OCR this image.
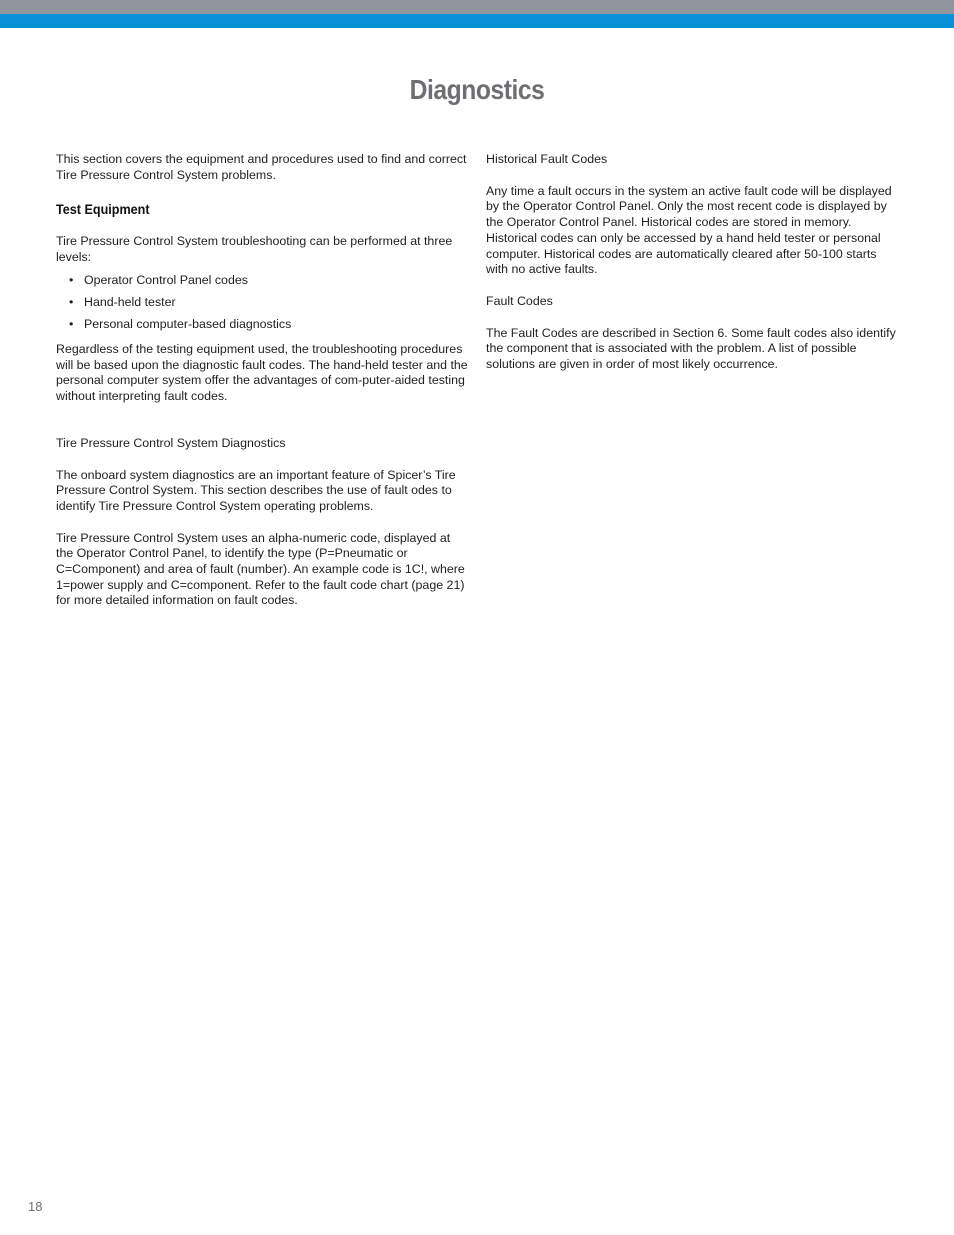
Diagnostics

This section covers the equipment and procedures used to find and correct Tire Pressure Control System problems.

Test Equipment

Tire Pressure Control System troubleshooting can be performed at three levels:

• Operator Control Panel codes
• Hand-held tester
• Personal computer-based diagnostics

Regardless of the testing equipment used, the troubleshooting procedures will be based upon the diagnostic fault codes. The hand-held tester and the personal computer system offer the advantages of com-puter-aided testing without interpreting fault codes.

Tire Pressure Control System Diagnostics

The onboard system diagnostics are an important feature of Spicer’s Tire Pressure Control System. This section describes the use of fault odes to identify Tire Pressure Control System operating problems.

Tire Pressure Control System uses an alpha-numeric code, displayed at the Operator Control Panel, to identify the type (P=Pneumatic or C=Component) and area of fault (number). An example code is 1C!, where 1=power supply and C=component. Refer to the fault code chart (page 21) for more detailed information on fault codes.

Historical Fault Codes

Any time a fault occurs in the system an active fault code will be displayed by the Operator Control Panel. Only the most recent code is displayed by the Operator Control Panel. Historical codes are stored in memory. Historical codes can only be accessed by a hand held tester or personal computer. Historical codes are automatically cleared after 50-100 starts with no active faults.

Fault Codes

The Fault Codes are described in Section 6. Some fault codes also identify the component that is associated with the problem. A list of possible solutions are given in order of most likely occurrence.

18
